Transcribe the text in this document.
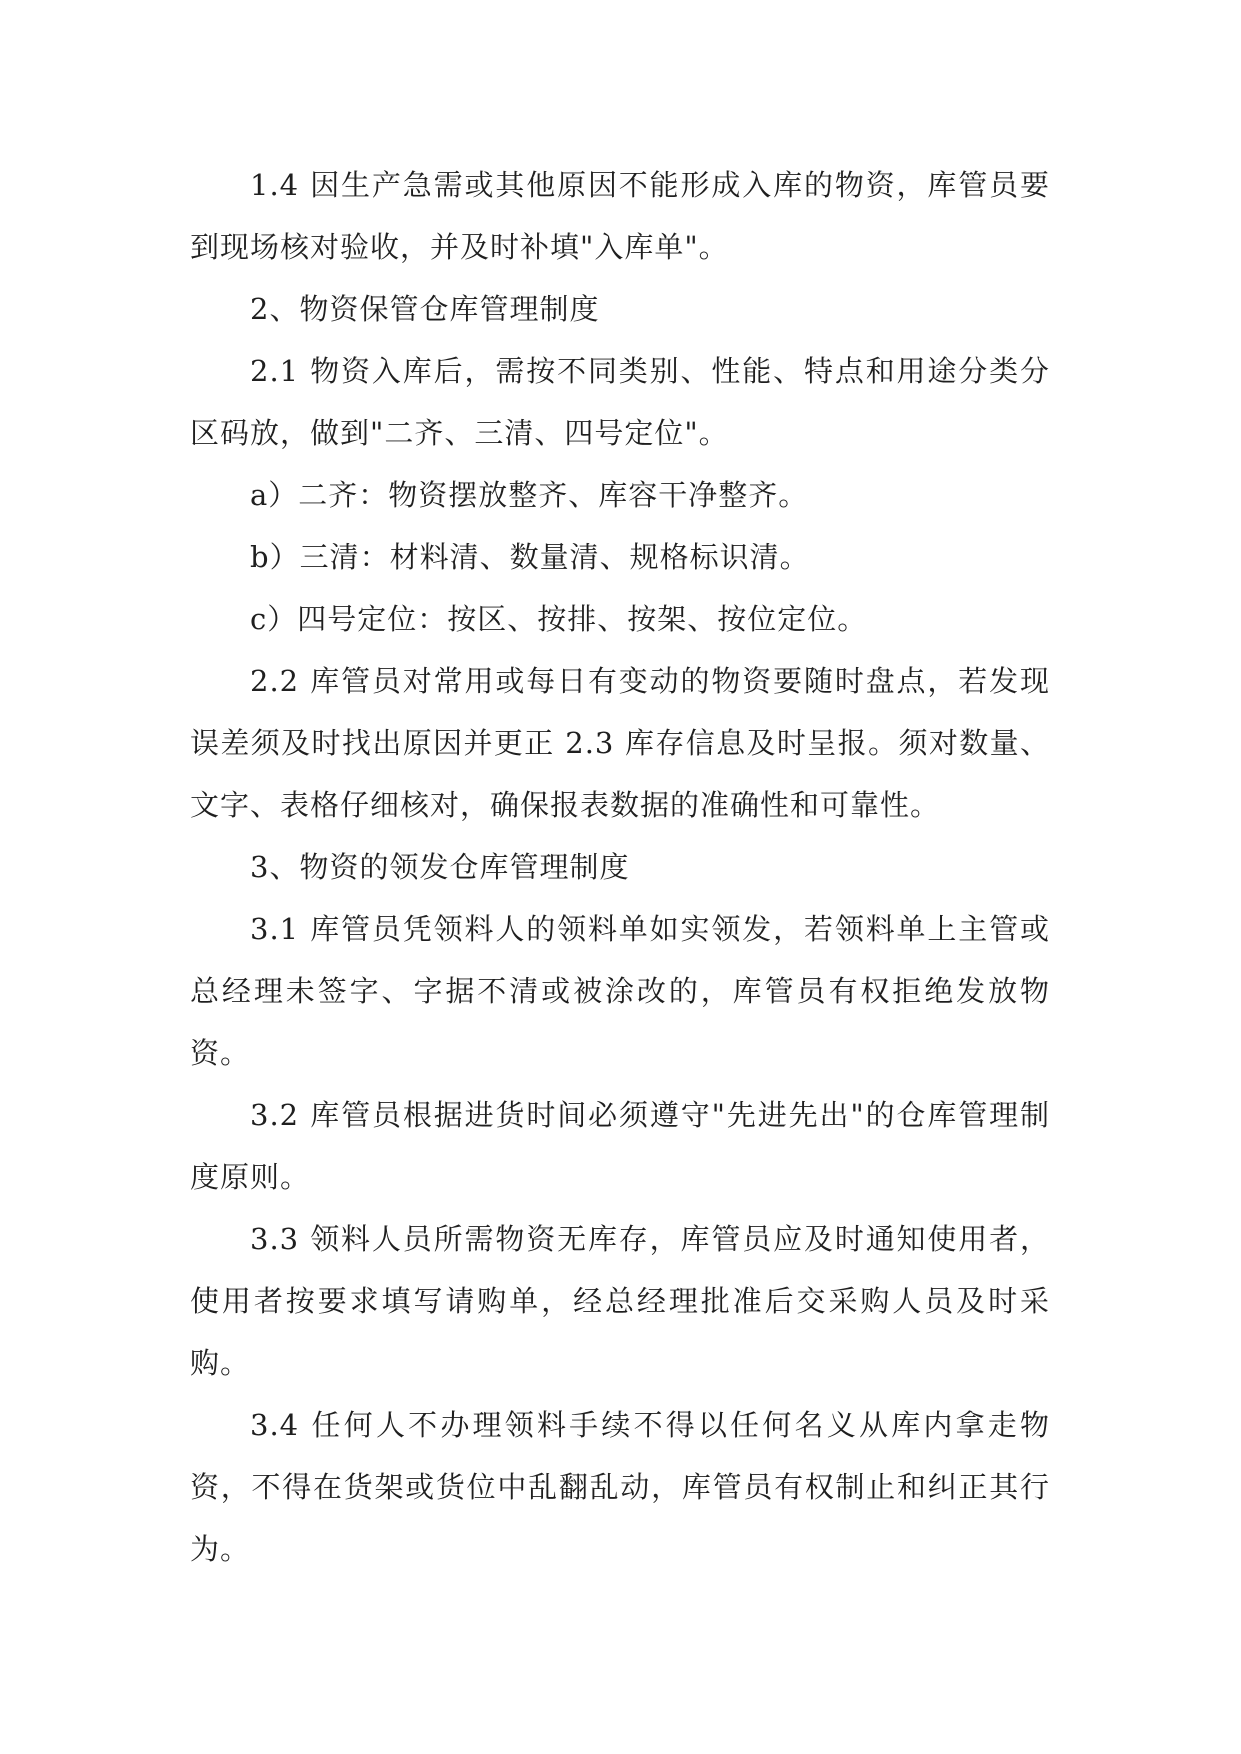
1.4 因生产急需或其他原因不能形成入库的物资，库管员要到现场核对验收，并及时补填"入库单"。

2、物资保管仓库管理制度

2.1 物资入库后，需按不同类别、性能、特点和用途分类分区码放，做到"二齐、三清、四号定位"。

a）二齐：物资摆放整齐、库容干净整齐。

b）三清：材料清、数量清、规格标识清。

c）四号定位：按区、按排、按架、按位定位。

2.2 库管员对常用或每日有变动的物资要随时盘点，若发现误差须及时找出原因并更正 2.3 库存信息及时呈报。须对数量、文字、表格仔细核对，确保报表数据的准确性和可靠性。

3、物资的领发仓库管理制度

3.1 库管员凭领料人的领料单如实领发，若领料单上主管或总经理未签字、字据不清或被涂改的，库管员有权拒绝发放物资。

3.2 库管员根据进货时间必须遵守"先进先出"的仓库管理制度原则。

3.3 领料人员所需物资无库存，库管员应及时通知使用者，使用者按要求填写请购单，经总经理批准后交采购人员及时采购。

3.4 任何人不办理领料手续不得以任何名义从库内拿走物资，不得在货架或货位中乱翻乱动，库管员有权制止和纠正其行为。
